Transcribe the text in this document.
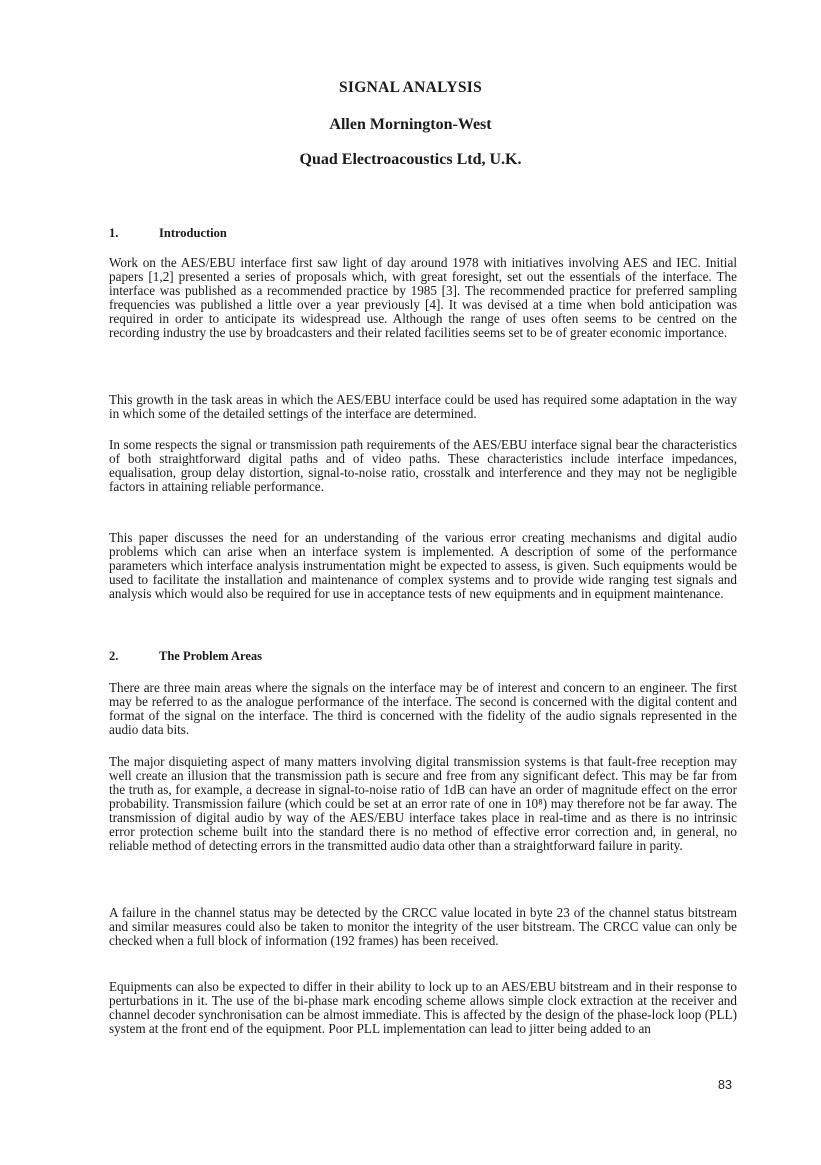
SIGNAL ANALYSIS
Allen Mornington-West
Quad Electroacoustics Ltd, U.K.
1.	Introduction

Work on the AES/EBU interface first saw light of day around 1978 with initiatives involving AES and IEC. Initial papers [1,2] presented a series of proposals which, with great foresight, set out the essentials of the interface. The interface was published as a recommended practice by 1985 [3]. The recommended practice for preferred sampling frequencies was published a little over a year previously [4]. It was devised at a time when bold anticipation was required in order to anticipate its widespread use. Although the range of uses often seems to be centred on the recording industry the use by broadcasters and their related facilities seems set to be of greater economic importance.

This growth in the task areas in which the AES/EBU interface could be used has required some adaptation in the way in which some of the detailed settings of the interface are determined.

In some respects the signal or transmission path requirements of the AES/EBU interface signal bear the characteristics of both straightforward digital paths and of video paths. These characteristics include interface impedances, equalisation, group delay distortion, signal-to-noise ratio, crosstalk and interference and they may not be negligible factors in attaining reliable performance.

This paper discusses the need for an understanding of the various error creating mechanisms and digital audio problems which can arise when an interface system is implemented. A description of some of the performance parameters which interface analysis instrumentation might be expected to assess, is given. Such equipments would be used to facilitate the installation and maintenance of complex systems and to provide wide ranging test signals and analysis which would also be required for use in acceptance tests of new equipments and in equipment maintenance.

2.	The Problem Areas

There are three main areas where the signals on the interface may be of interest and concern to an engineer. The first may be referred to as the analogue performance of the interface. The second is concerned with the digital content and format of the signal on the interface. The third is concerned with the fidelity of the audio signals represented in the audio data bits.

The major disquieting aspect of many matters involving digital transmission systems is that fault-free reception may well create an illusion that the transmission path is secure and free from any significant defect. This may be far from the truth as, for example, a decrease in signal-to-noise ratio of 1dB can have an order of magnitude effect on the error probability. Transmission failure (which could be set at an error rate of one in 10⁸) may therefore not be far away. The transmission of digital audio by way of the AES/EBU interface takes place in real-time and as there is no intrinsic error protection scheme built into the standard there is no method of effective error correction and, in general, no reliable method of detecting errors in the transmitted audio data other than a straightforward failure in parity.

A failure in the channel status may be detected by the CRCC value located in byte 23 of the channel status bitstream and similar measures could also be taken to monitor the integrity of the user bitstream. The CRCC value can only be checked when a full block of information (192 frames) has been received.

Equipments can also be expected to differ in their ability to lock up to an AES/EBU bitstream and in their response to perturbations in it. The use of the bi-phase mark encoding scheme allows simple clock extraction at the receiver and channel decoder synchronisation can be almost immediate. This is affected by the design of the phase-lock loop (PLL) system at the front end of the equipment. Poor PLL implementation can lead to jitter being added to an

83
